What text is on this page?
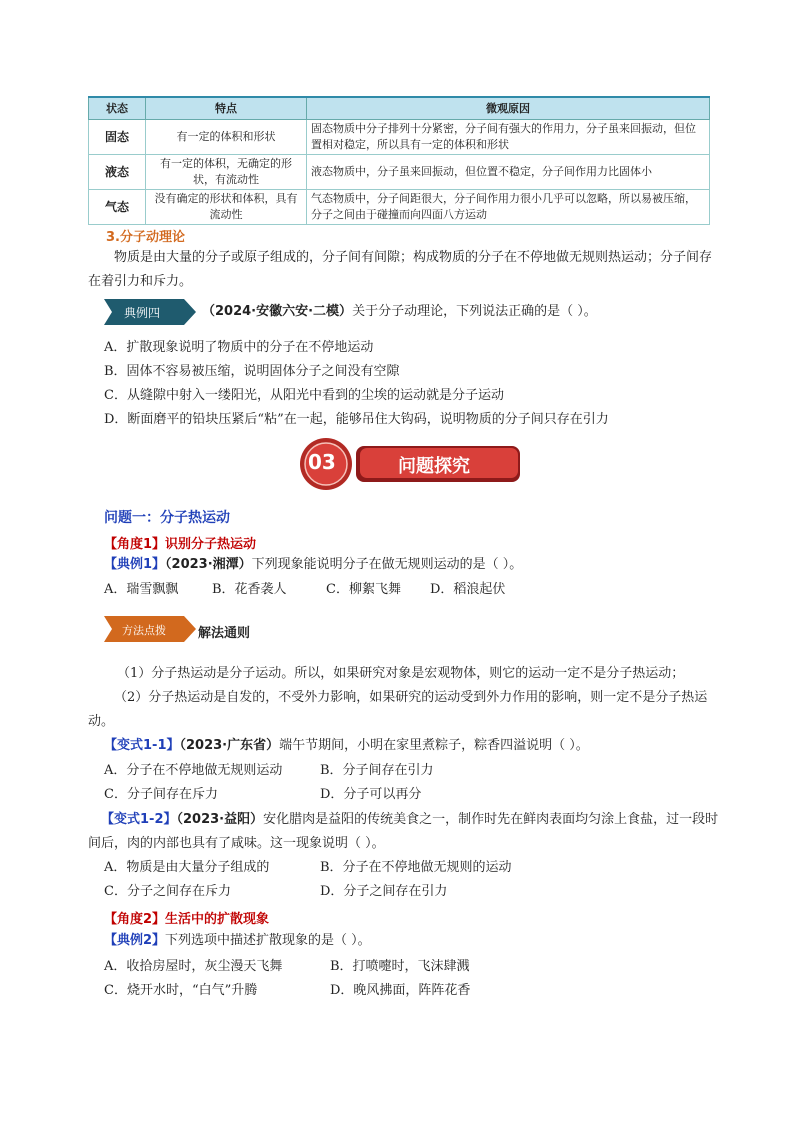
状态	特点	微观原因
固态	有一定的体积和形状	固态物质中分子排列十分紧密，分子间有强大的作用力，分子虽来回振动，但位置相对稳定，所以具有一定的体积和形状
液态	有一定的体积，无确定的形状，有流动性	液态物质中，分子虽来回振动，但位置不稳定，分子间作用力比固体小
气态	没有确定的形状和体积，具有流动性	气态物质中，分子间距很大，分子间作用力很小几乎可以忽略，所以易被压缩，分子之间由于碰撞而向四面八方运动
3.分子动理论
物质是由大量的分子或原子组成的，分子间有间隙；构成物质的分子在不停地做无规则热运动；分子间存在着引力和斥力。
典例四	（2024·安徽六安·二模）关于分子动理论，下列说法正确的是（ ）。
A．扩散现象说明了物质中的分子在不停地运动
B．固体不容易被压缩，说明固体分子之间没有空隙
C．从缝隙中射入一缕阳光，从阳光中看到的尘埃的运动就是分子运动
D．断面磨平的铅块压紧后“粘”在一起，能够吊住大钩码，说明物质的分子间只存在引力
03	问题探究
问题一：分子热运动
【角度1】识别分子热运动
【典例1】（2023·湘潭）下列现象能说明分子在做无规则运动的是（ ）。
A．瑞雪飘飘	B．花香袭人	C．柳絮飞舞 D．稻浪起伏
方法点拨 解法通则
（1）分子热运动是分子运动。所以，如果研究对象是宏观物体，则它的运动一定不是分子热运动；
（2）分子热运动是自发的，不受外力影响，如果研究的运动受到外力作用的影响，则一定不是分子热运动。
【变式1-1】（2023·广东省）端午节期间，小明在家里煮粽子，粽香四溢说明（ ）。
A．分子在不停地做无规则运动	B．分子间存在引力
C．分子间存在斥力	D．分子可以再分
【变式1-2】（2023·益阳）安化腊肉是益阳的传统美食之一，制作时先在鲜肉表面均匀涂上食盐，过一段时间后，肉的内部也具有了咸味。这一现象说明（ ）。
A．物质是由大量分子组成的	B．分子在不停地做无规则的运动
C．分子之间存在斥力	D．分子之间存在引力
【角度2】生活中的扩散现象
【典例2】下列选项中描述扩散现象的是（ ）。
A．收拾房屋时，灰尘漫天飞舞	B．打喷嚏时，飞沫肆溅
C．烧开水时，“白气”升腾	D．晚风拂面，阵阵花香
